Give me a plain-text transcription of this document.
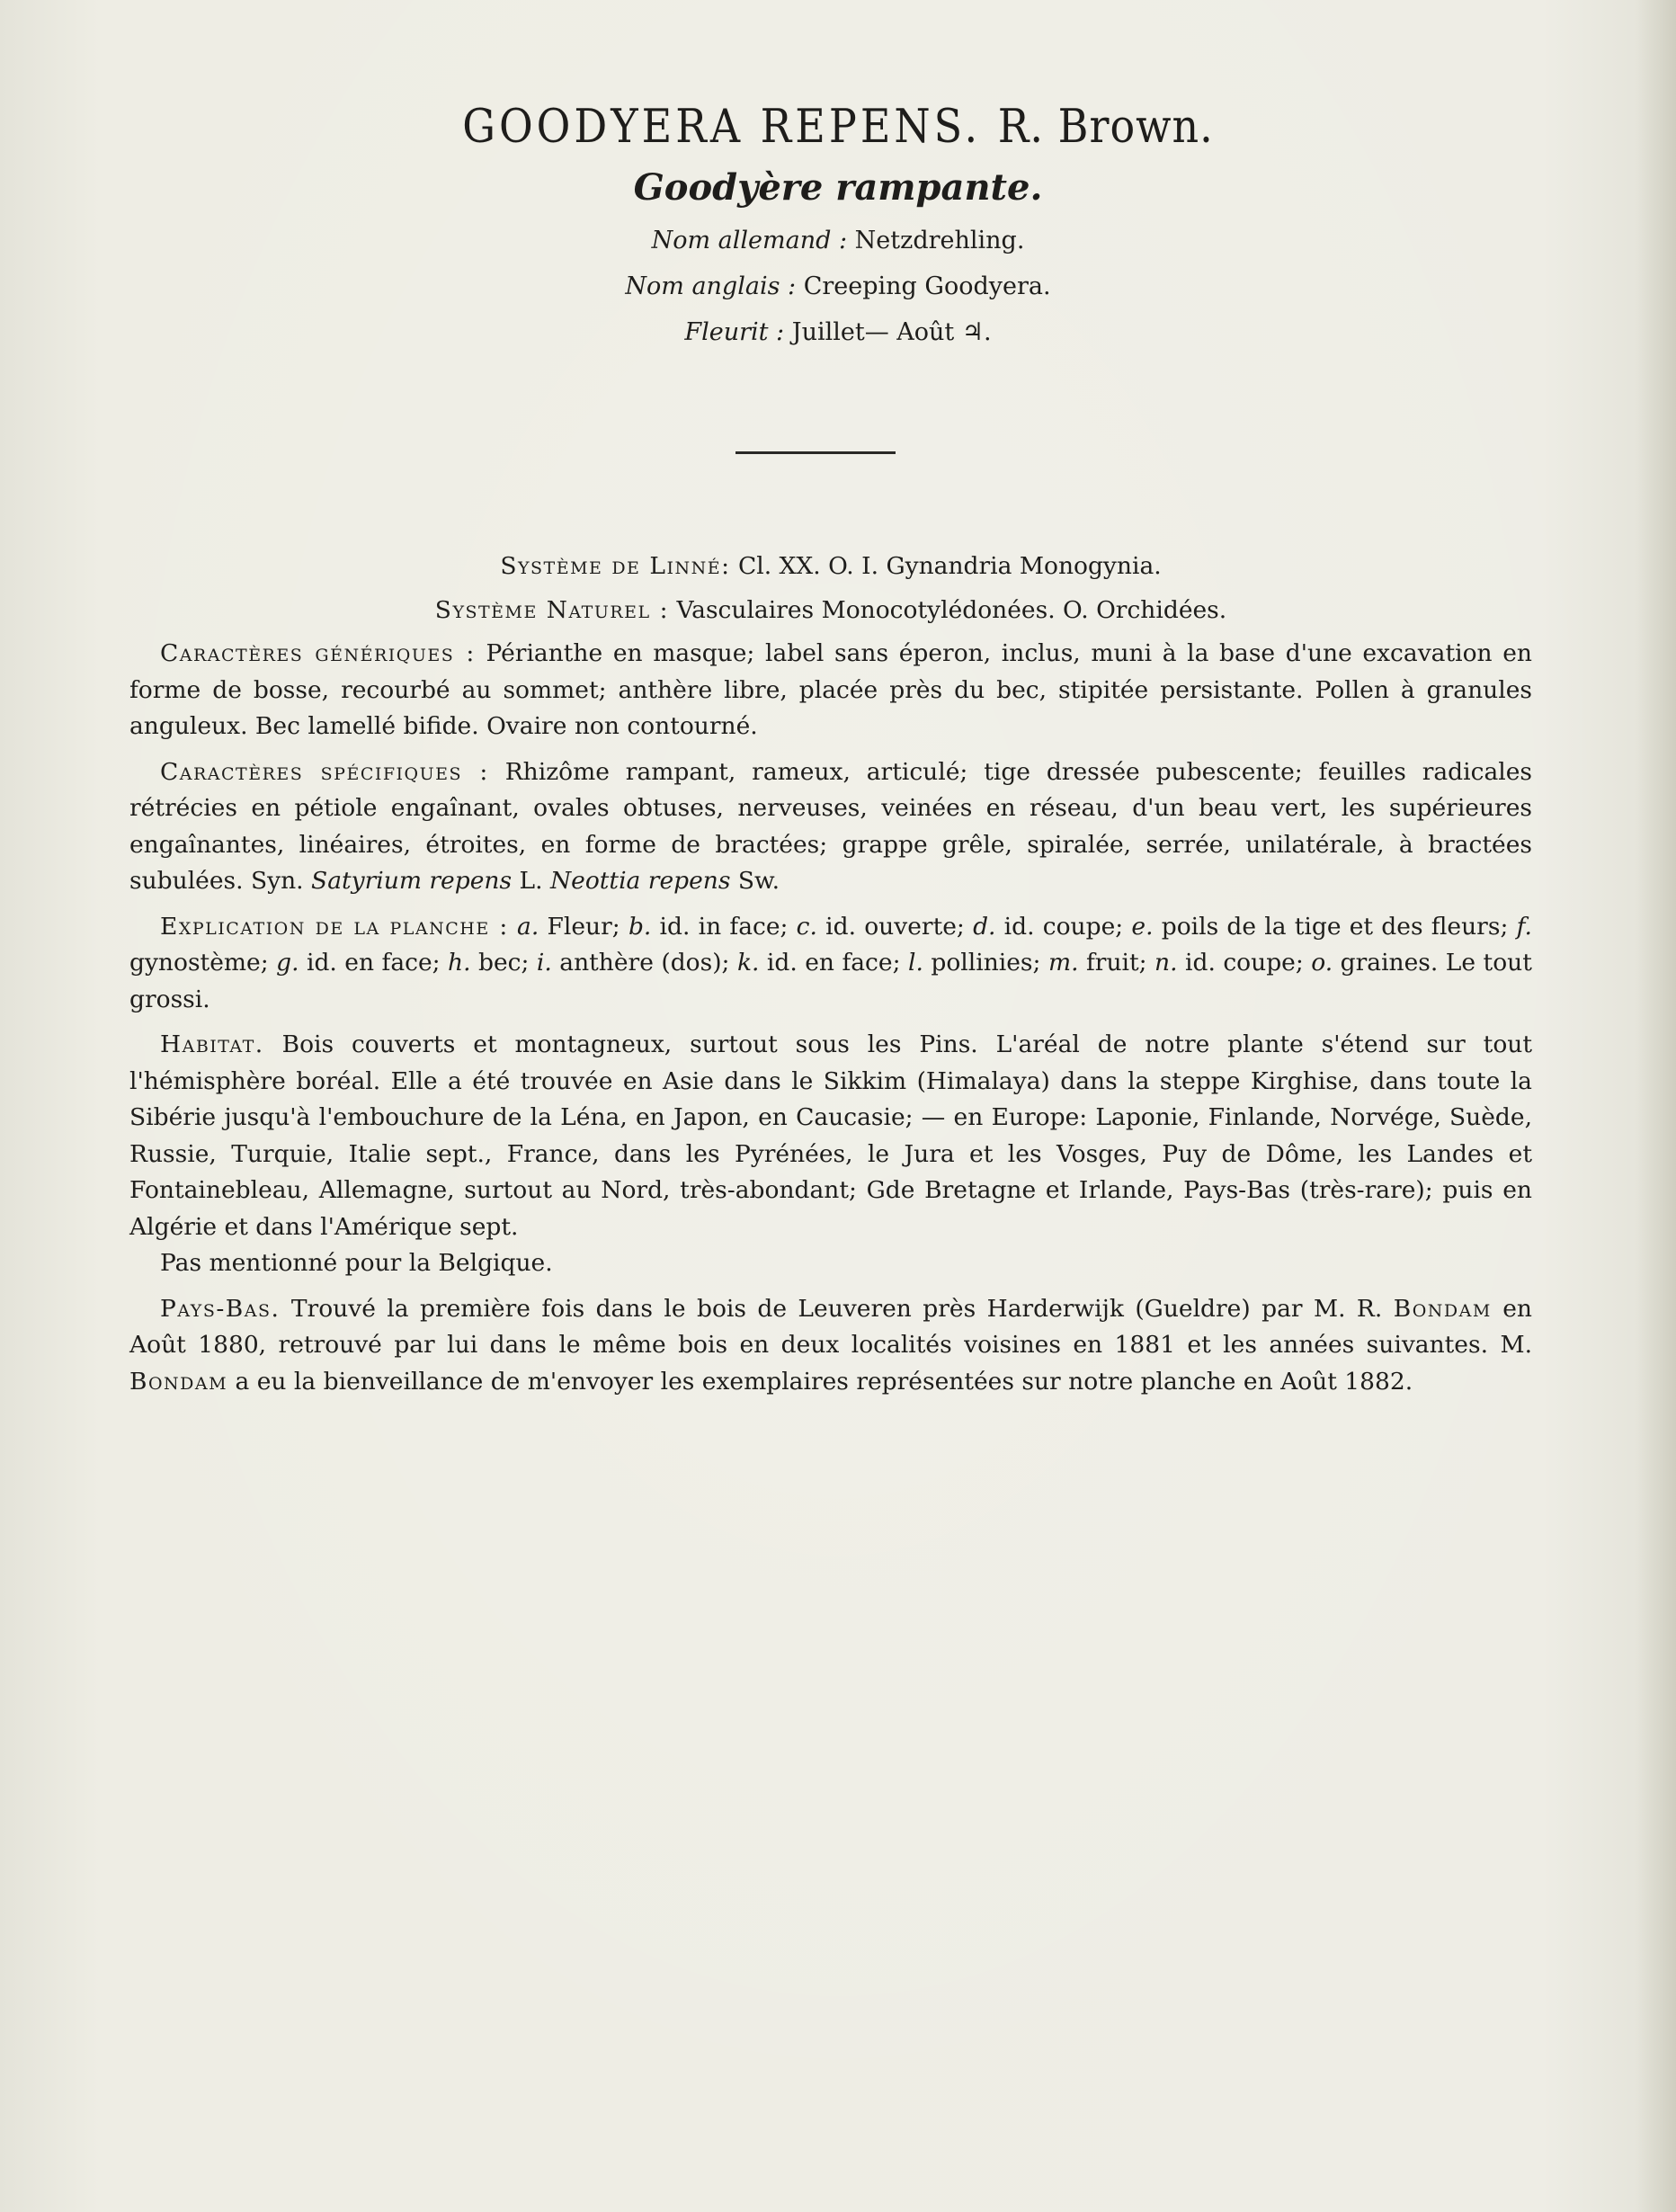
GOODYERA REPENS. R. Brown.
Goodyère rampante.
Nom allemand : Netzdrehling.
Nom anglais : Creeping Goodyera.
Fleurit : Juillet— Août ♃.

Système de Linné: Cl. XX. O. I. Gynandria Monogynia.

Système Naturel : Vasculaires Monocotylédonées. O. Orchidées.

Caractères génériques : Périanthe en masque; label sans éperon, inclus, muni à la base d'une excavation en forme de bosse, recourbé au sommet; anthère libre, placée près du bec, stipitée persistante. Pollen à granules anguleux. Bec lamellé bifide. Ovaire non contourné.

Caractères spécifiques : Rhizôme rampant, rameux, articulé; tige dressée pubescente; feuilles radicales rétrécies en pétiole engaînant, ovales obtuses, nerveuses, veinées en réseau, d'un beau vert, les supérieures engaînantes, linéaires, étroites, en forme de bractées; grappe grêle, spiralée, serrée, unilatérale, à bractées subulées. Syn. Satyrium repens L. Neottia repens Sw.

Explication de la planche : a. Fleur; b. id. in face; c. id. ouverte; d. id. coupe; e. poils de la tige et des fleurs; f. gynostème; g. id. en face; h. bec; i. anthère (dos); k. id. en face; l. pollinies; m. fruit; n. id. coupe; o. graines. Le tout grossi.

Habitat. Bois couverts et montagneux, surtout sous les Pins. L'aréal de notre plante s'étend sur tout l'hémisphère boréal. Elle a été trouvée en Asie dans le Sikkim (Himalaya) dans la steppe Kirghise, dans toute la Sibérie jusqu'à l'embouchure de la Léna, en Japon, en Caucasie; — en Europe: Laponie, Finlande, Norvége, Suède, Russie, Turquie, Italie sept., France, dans les Pyrénées, le Jura et les Vosges, Puy de Dôme, les Landes et Fontainebleau, Allemagne, surtout au Nord, très-abondant; Gde Bretagne et Irlande, Pays-Bas (très-rare); puis en Algérie et dans l'Amérique sept.

Pas mentionné pour la Belgique.

Pays-Bas. Trouvé la première fois dans le bois de Leuveren près Harderwijk (Gueldre) par M. R. Bondam en Août 1880, retrouvé par lui dans le même bois en deux localités voisines en 1881 et les années suivantes. M. Bondam a eu la bienveillance de m'envoyer les exemplaires représentées sur notre planche en Août 1882.
